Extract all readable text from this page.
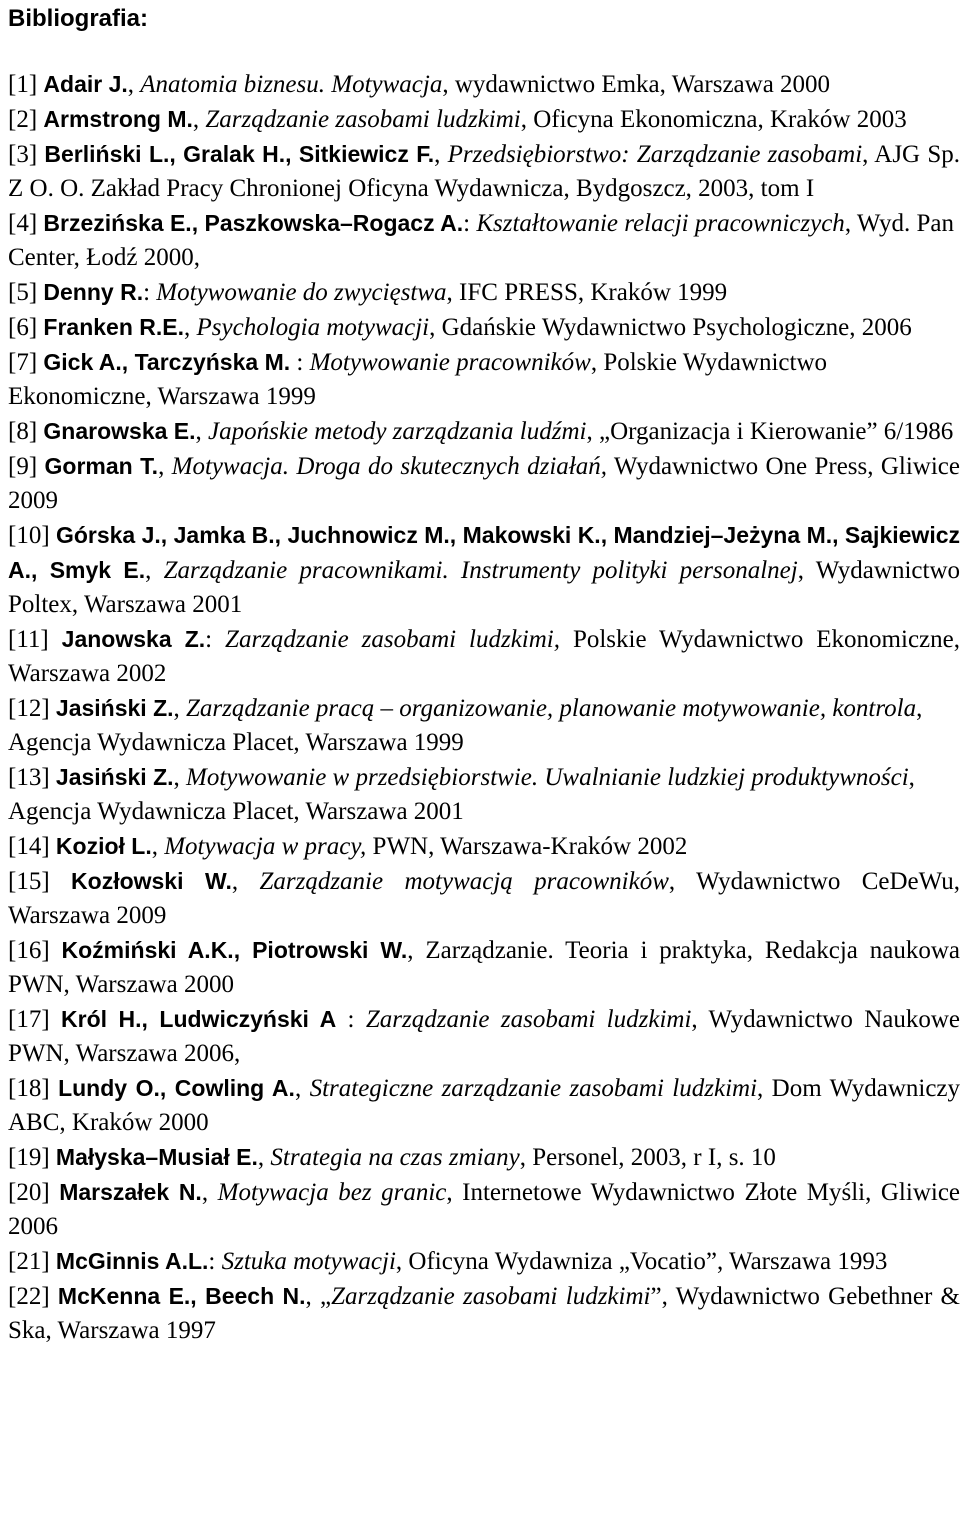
Bibliografia:

[1] Adair J., Anatomia biznesu. Motywacja, wydawnictwo Emka, Warszawa 2000

[2] Armstrong M., Zarządzanie zasobami ludzkimi, Oficyna Ekonomiczna, Kraków 2003

[3] Berliński L., Gralak H., Sitkiewicz F., Przedsiębiorstwo: Zarządzanie zasobami, AJG Sp. Z O. O. Zakład Pracy Chronionej Oficyna Wydawnicza, Bydgoszcz, 2003, tom I

[4] Brzezińska E., Paszkowska–Rogacz A.: Kształtowanie relacji pracowniczych, Wyd. Pan Center, Łodź 2000,

[5] Denny R.: Motywowanie do zwycięstwa, IFC PRESS, Kraków 1999

[6] Franken R.E., Psychologia motywacji, Gdańskie Wydawnictwo Psychologiczne, 2006

[7] Gick A., Tarczyńska M. : Motywowanie pracowników, Polskie Wydawnictwo Ekonomiczne, Warszawa 1999

[8] Gnarowska E., Japońskie metody zarządzania ludźmi, „Organizacja i Kierowanie” 6/1986

[9] Gorman T., Motywacja. Droga do skutecznych działań, Wydawnictwo One Press, Gliwice 2009

[10] Górska J., Jamka B., Juchnowicz M., Makowski K., Mandziej–Jeżyna M., Sajkiewicz A., Smyk E., Zarządzanie pracownikami. Instrumenty polityki personalnej, Wydawnictwo Poltex, Warszawa 2001

[11] Janowska Z.: Zarządzanie zasobami ludzkimi, Polskie Wydawnictwo Ekonomiczne, Warszawa 2002

[12] Jasiński Z., Zarządzanie pracą – organizowanie, planowanie motywowanie, kontrola, Agencja Wydawnicza Placet, Warszawa 1999

[13] Jasiński Z., Motywowanie w przedsiębiorstwie. Uwalnianie ludzkiej produktywności, Agencja Wydawnicza Placet, Warszawa 2001

[14] Kozioł L., Motywacja w pracy, PWN, Warszawa-Kraków 2002

[15] Kozłowski W., Zarządzanie motywacją pracowników, Wydawnictwo CeDeWu, Warszawa 2009

[16] Koźmiński A.K., Piotrowski W., Zarządzanie. Teoria i praktyka, Redakcja naukowa PWN, Warszawa 2000

[17] Król H., Ludwiczyński A : Zarządzanie zasobami ludzkimi, Wydawnictwo Naukowe PWN, Warszawa 2006,

[18] Lundy O., Cowling A., Strategiczne zarządzanie zasobami ludzkimi, Dom Wydawniczy ABC, Kraków 2000

[19] Małyska–Musiał E., Strategia na czas zmiany, Personel, 2003, r I, s. 10

[20] Marszałek N., Motywacja bez granic, Internetowe Wydawnictwo Złote Myśli, Gliwice 2006

[21] McGinnis A.L.: Sztuka motywacji, Oficyna Wydawniza „Vocatio”, Warszawa 1993

[22] McKenna E., Beech N., „Zarządzanie zasobami ludzkimi”, Wydawnictwo Gebethner & Ska, Warszawa 1997
